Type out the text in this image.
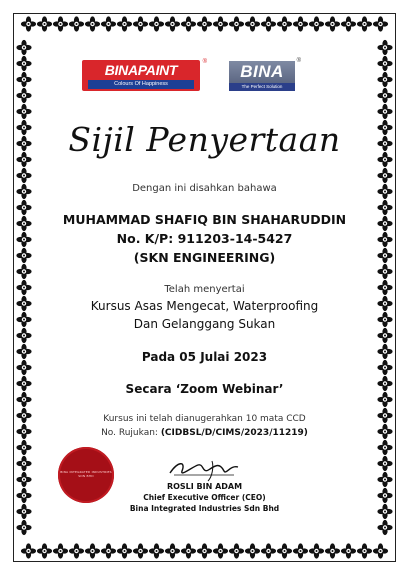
BINAPAINT
Colours Of Happiness
®	BINA
The Perfect Solution
®
Sijil Penyertaan
Dengan ini disahkan bahawa
MUHAMMAD SHAFIQ BIN SHAHARUDDIN
No. K/P: 911203-14-5427
(SKN ENGINEERING)
Telah menyertai
Kursus Asas Mengecat, Waterproofing
Dan Gelanggang Sukan
Pada 05 Julai 2023
Secara ‘Zoom Webinar’
Kursus ini telah dianugerahkan 10 mata CCD
No. Rujukan: (CIDBSL/D/CIMS/2023/11219)
BINA INTEGRATED INDUSTRIES SDN BHD
ROSLI BIN ADAM
Chief Executive Officer (CEO)
Bina Integrated Industries Sdn Bhd
